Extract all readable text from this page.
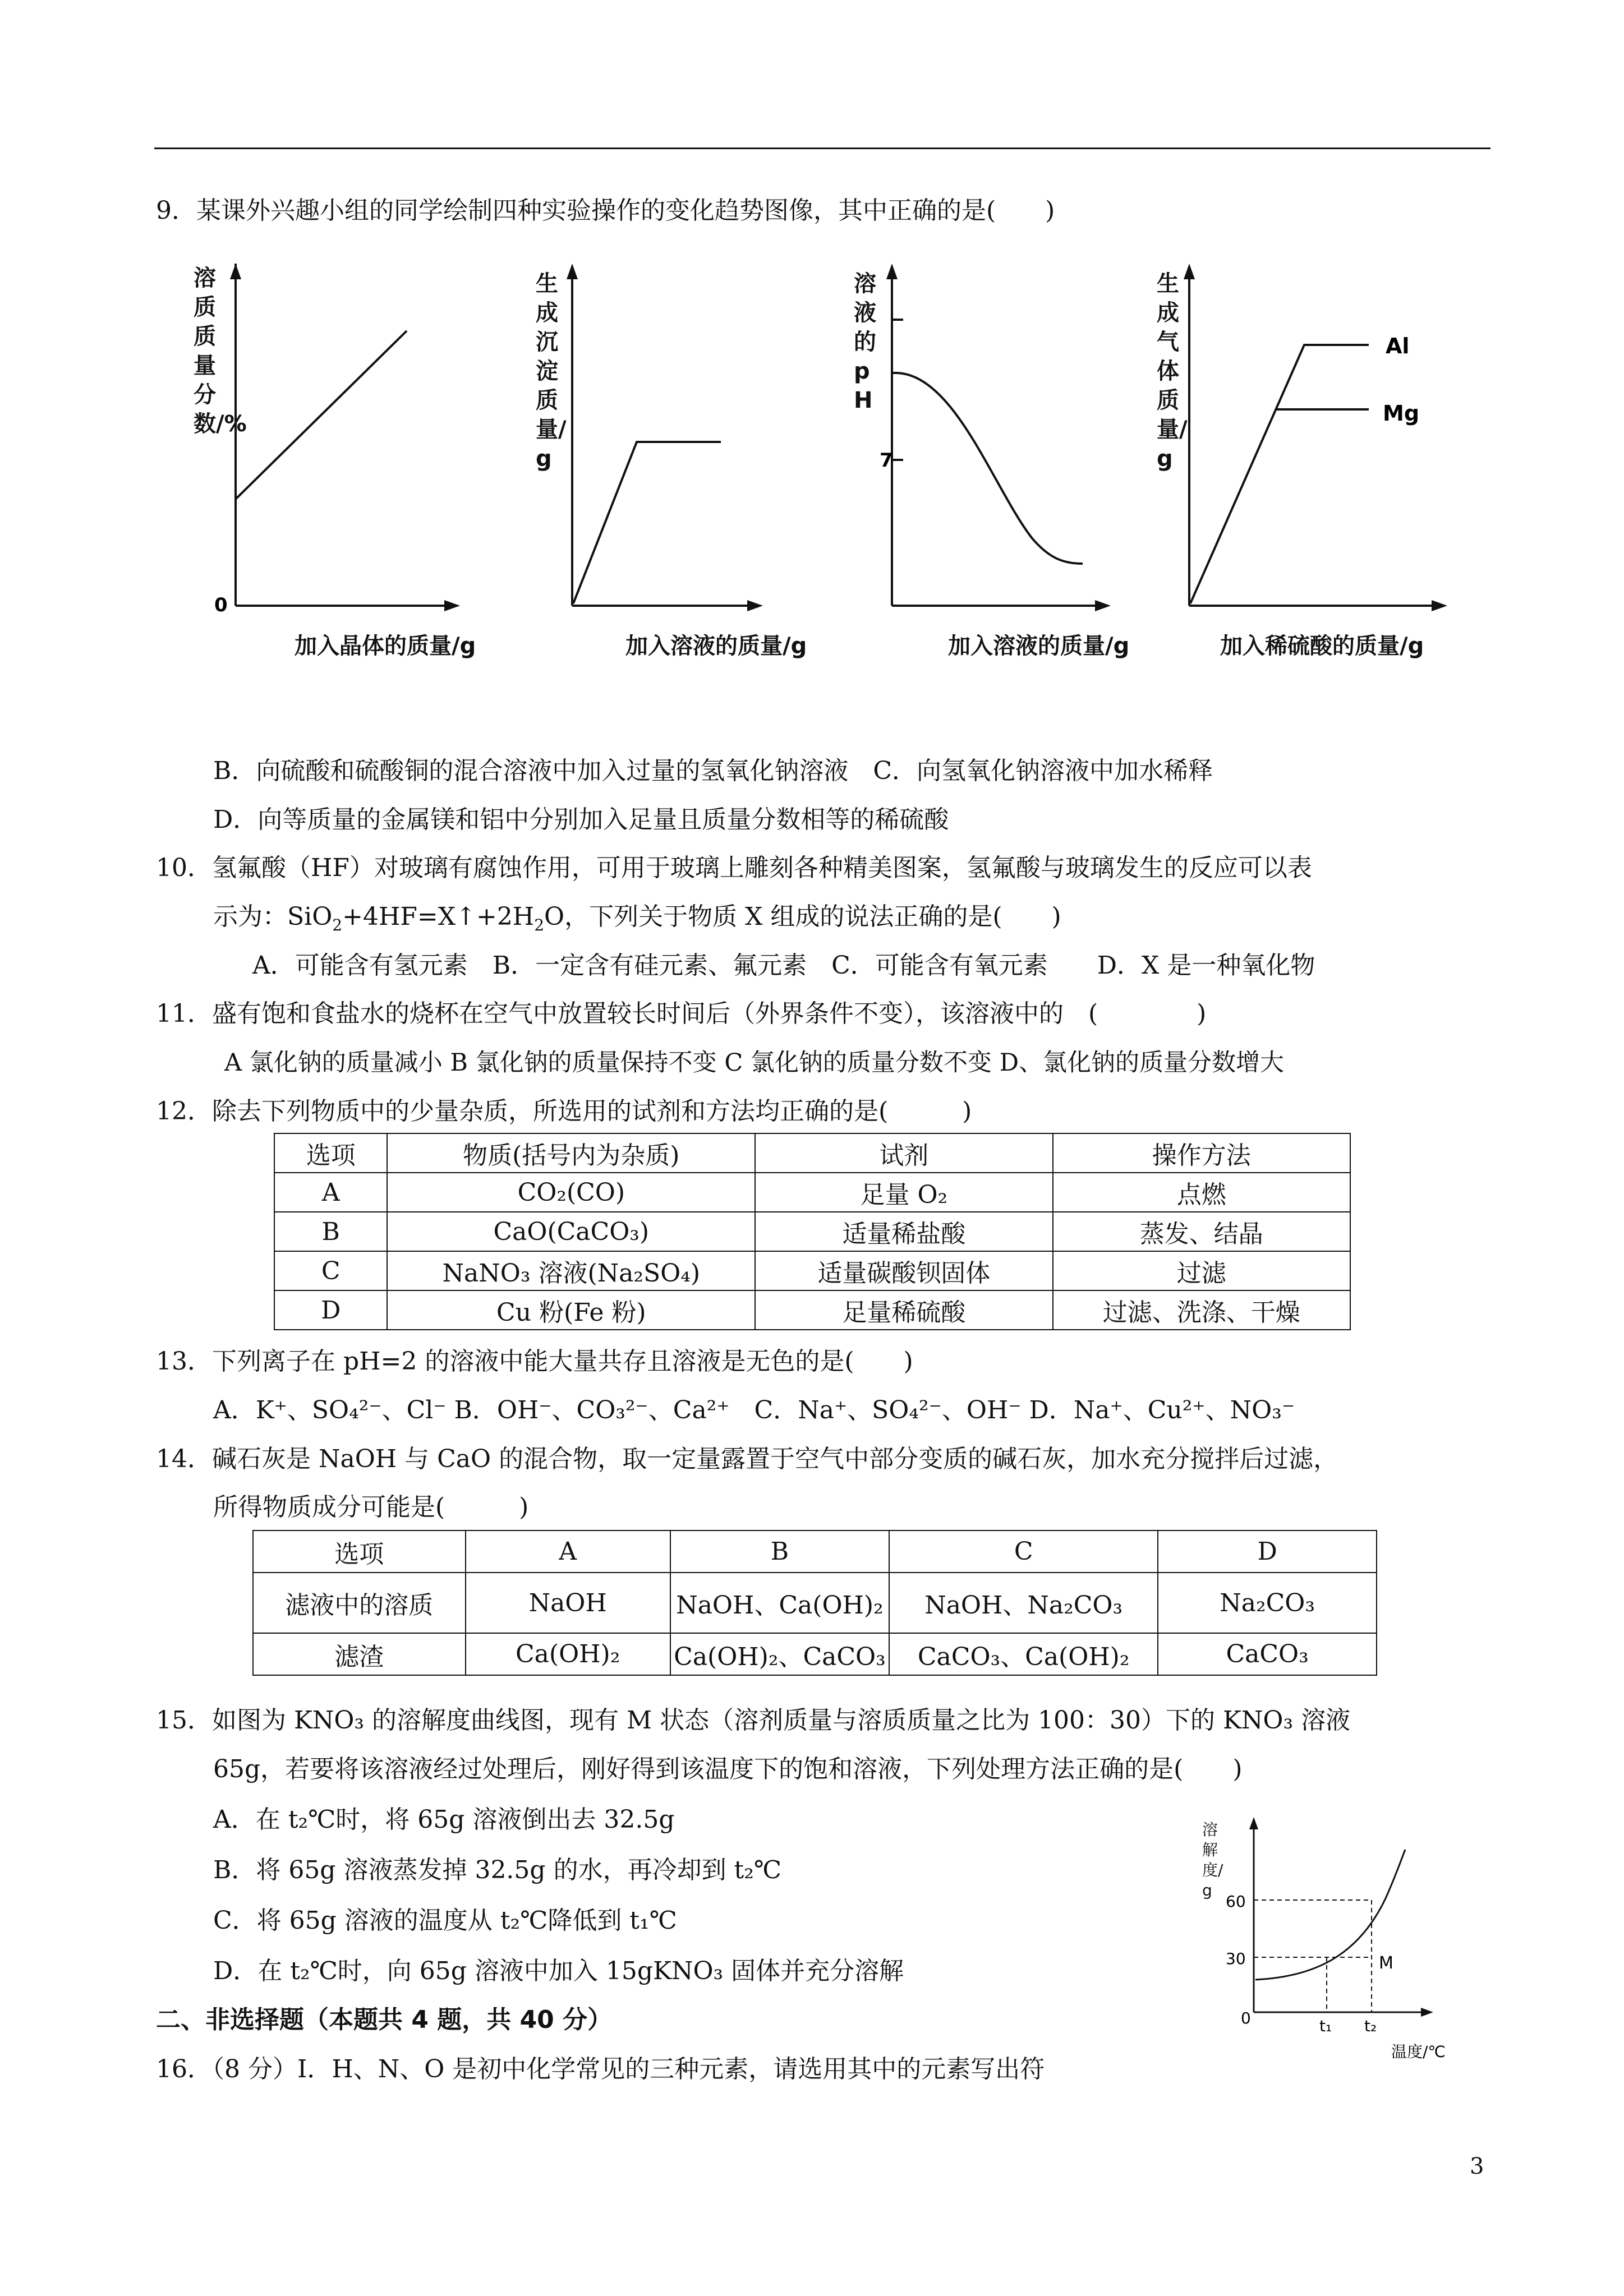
9．某课外兴趣小组的同学绘制四种实验操作的变化趋势图像，其中正确的是(　　)
0
溶质质量分数/%
加入晶体的质量/g
生成沉淀质量/g
加入溶液的质量/g
7
溶液的pH
加入溶液的质量/g
Al
Mg
生成气体质量/g
加入稀硫酸的质量/g
B．向硫酸和硫酸铜的混合溶液中加入过量的氢氧化钠溶液　C．向氢氧化钠溶液中加水稀释
D．向等质量的金属镁和铝中分别加入足量且质量分数相等的稀硫酸
10．氢氟酸（HF）对玻璃有腐蚀作用，可用于玻璃上雕刻各种精美图案，氢氟酸与玻璃发生的反应可以表
示为：$SiO_2+4HF=X↑+2H_2O$，下列关于物质 X 组成的说法正确的是(　　)
A．可能含有氢元素　B．一定含有硅元素、氟元素　C．可能含有氧元素　　D．X 是一种氧化物
11．盛有饱和食盐水的烧杯在空气中放置较长时间后（外界条件不变），该溶液中的　(　　　　)
A 氯化钠的质量减小 B 氯化钠的质量保持不变 C 氯化钠的质量分数不变 D、氯化钠的质量分数增大
12．除去下列物质中的少量杂质，所选用的试剂和方法均正确的是(　　　)
选项	物质(括号内为杂质)	试剂	操作方法
A	CO₂(CO)	足量 O₂	点燃
B	CaO(CaCO₃)	适量稀盐酸	蒸发、结晶
C	NaNO₃ 溶液(Na₂SO₄)	适量碳酸钡固体	过滤
D	Cu 粉(Fe 粉)	足量稀硫酸	过滤、洗涤、干燥
13．下列离子在 pH=2 的溶液中能大量共存且溶液是无色的是(　　)
A．K⁺、SO₄²⁻、Cl⁻ B．OH⁻、CO₃²⁻、Ca²⁺　C．Na⁺、SO₄²⁻、OH⁻ D．Na⁺、Cu²⁺、NO₃⁻
14．碱石灰是 NaOH 与 CaO 的混合物，取一定量露置于空气中部分变质的碱石灰，加水充分搅拌后过滤，
所得物质成分可能是(　　　)
选项	A	B	C	D
滤液中的溶质	NaOH	NaOH、Ca(OH)₂	NaOH、Na₂CO₃	Na₂CO₃
滤渣	Ca(OH)₂	Ca(OH)₂、CaCO₃	CaCO₃、Ca(OH)₂	CaCO₃
15．如图为 KNO₃ 的溶解度曲线图，现有 M 状态（溶剂质量与溶质质量之比为 100：30）下的 KNO₃ 溶液
65g，若要将该溶液经过处理后，刚好得到该温度下的饱和溶液，下列处理方法正确的是(　　)
A．在 t₂℃时，将 65g 溶液倒出去 32.5g
B．将 65g 溶液蒸发掉 32.5g 的水，再冷却到 t₂℃
C．将 65g 溶液的温度从 t₂℃降低到 t₁℃
D．在 t₂℃时，向 65g 溶液中加入 15gKNO₃ 固体并充分溶解
60
30
0	t₁ t₂
M
温度/℃
溶解度/g
二、非选择题（本题共 4 题，共 40 分）
16．（8 分）I．H、N、O 是初中化学常见的三种元素，请选用其中的元素写出符
3
